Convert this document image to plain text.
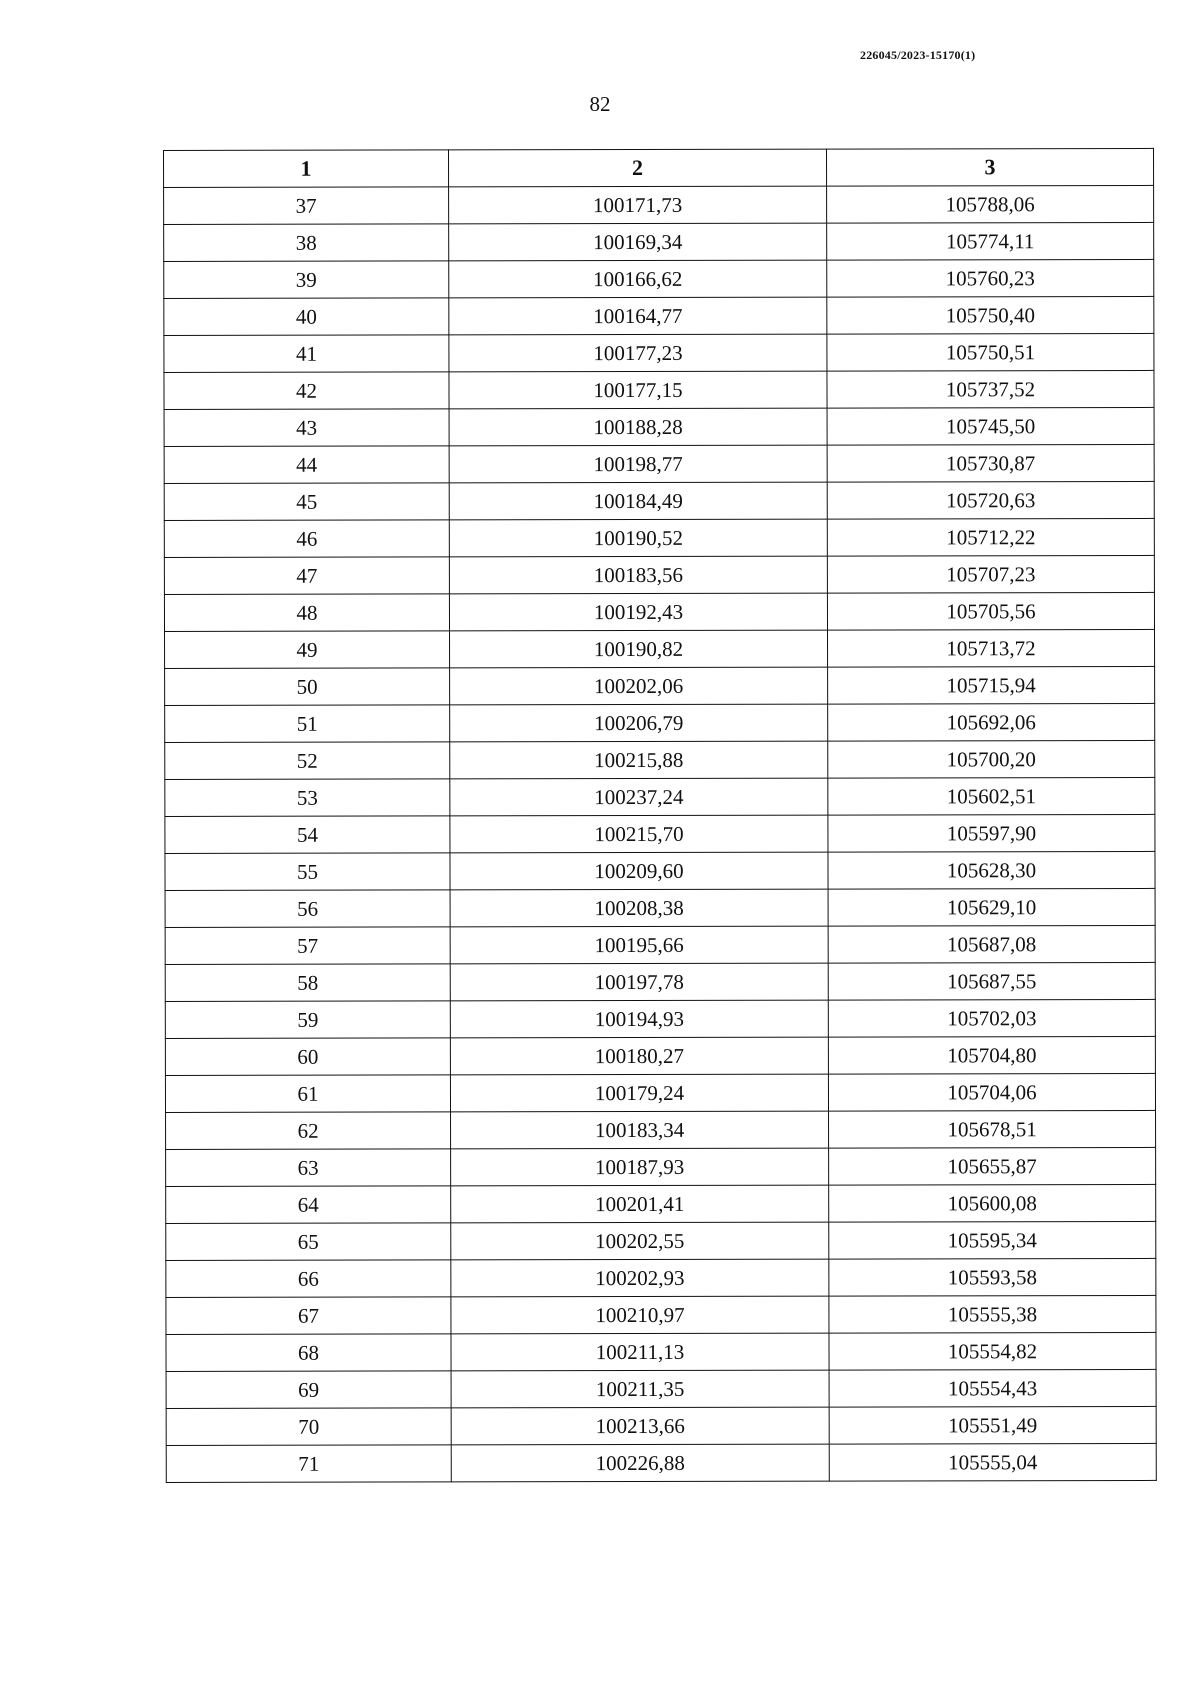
226045/2023-15170(1)
82
1	2	3
37	100171,73	105788,06
38	100169,34	105774,11
39	100166,62	105760,23
40	100164,77	105750,40
41	100177,23	105750,51
42	100177,15	105737,52
43	100188,28	105745,50
44	100198,77	105730,87
45	100184,49	105720,63
46	100190,52	105712,22
47	100183,56	105707,23
48	100192,43	105705,56
49	100190,82	105713,72
50	100202,06	105715,94
51	100206,79	105692,06
52	100215,88	105700,20
53	100237,24	105602,51
54	100215,70	105597,90
55	100209,60	105628,30
56	100208,38	105629,10
57	100195,66	105687,08
58	100197,78	105687,55
59	100194,93	105702,03
60	100180,27	105704,80
61	100179,24	105704,06
62	100183,34	105678,51
63	100187,93	105655,87
64	100201,41	105600,08
65	100202,55	105595,34
66	100202,93	105593,58
67	100210,97	105555,38
68	100211,13	105554,82
69	100211,35	105554,43
70	100213,66	105551,49
71	100226,88	105555,04
